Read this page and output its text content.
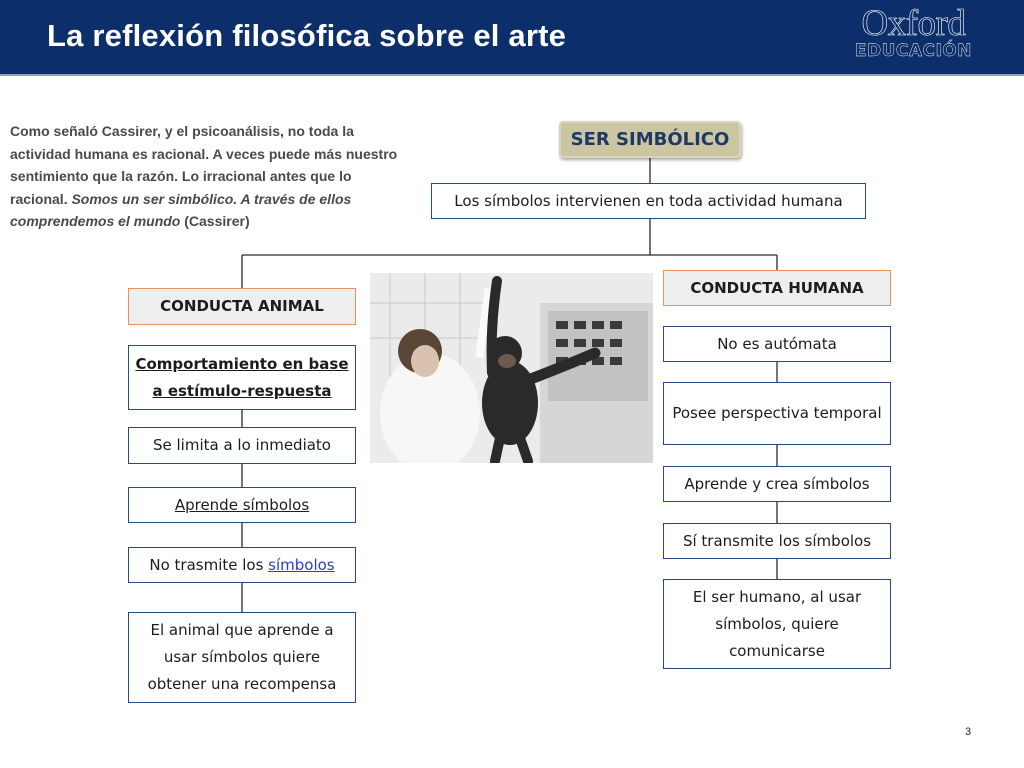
La reflexión filosófica sobre el arte	Oxford
EDUCACIÓN

Como señaló Cassirer, y el psicoanálisis, no toda la actividad humana es racional. A veces puede más nuestro sentimiento que la razón. Lo irracional antes que lo racional. Somos un ser simbólico. A través de ellos comprendemos el mundo (Cassirer)

SER SIMBÓLICO
Los símbolos intervienen en toda actividad humana
CONDUCTA ANIMAL
Comportamiento en base a estímulo-respuesta
Se limita a lo inmediato
Aprende símbolos
No trasmite los símbolos
El animal que aprende a usar símbolos quiere obtener una recompensa
CONDUCTA HUMANA
No es autómata
Posee perspectiva temporal
Aprende y crea símbolos
Sí transmite los símbolos
El ser humano, al usar símbolos, quiere comunicarse
3
